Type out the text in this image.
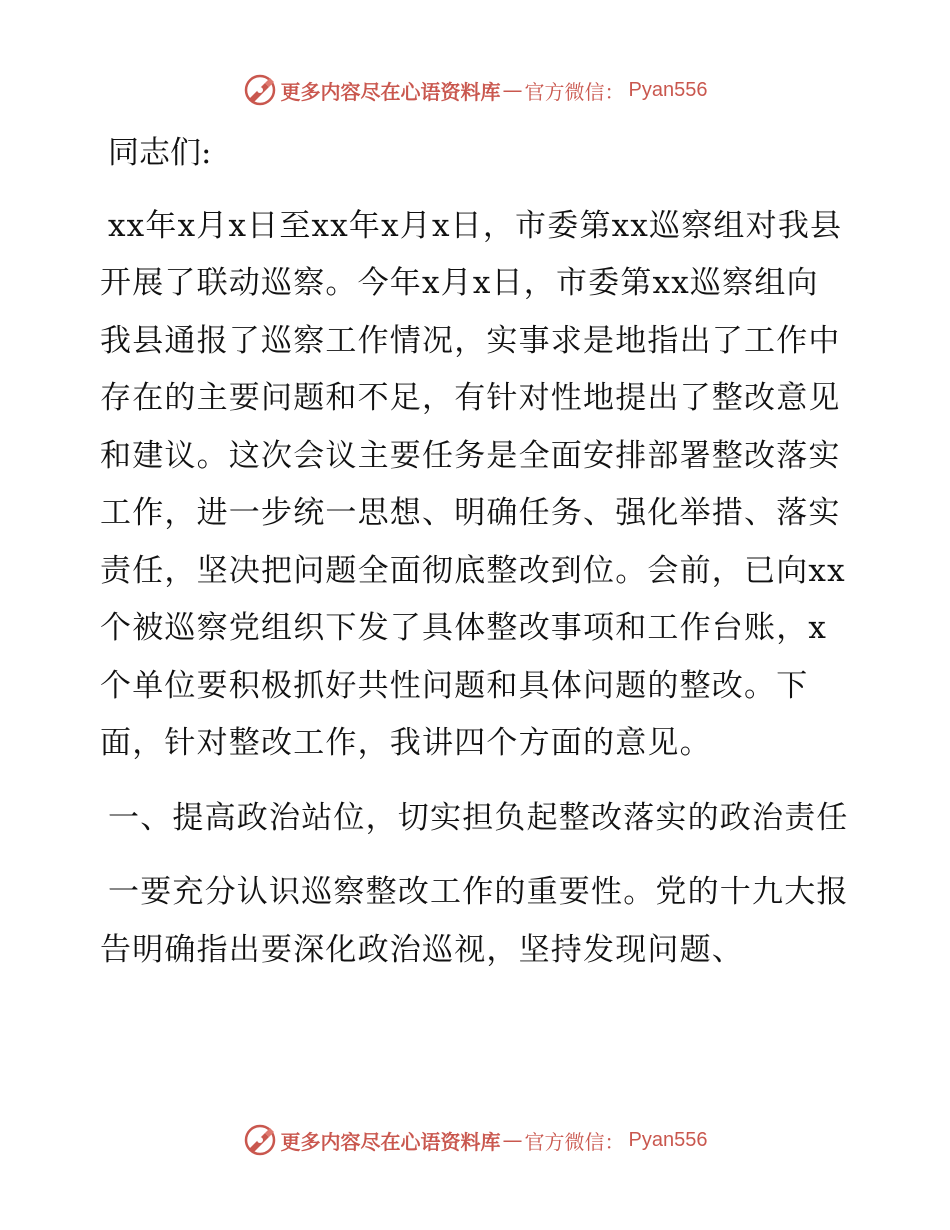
更多内容尽在心语资料库 — 官方微信： Pyan556

同志们:

xx年x月x日至xx年x月x日，市委第xx巡察组对我县开展了联动巡察。今年x月x日，市委第xx巡察组向我县通报了巡察工作情况，实事求是地指出了工作中存在的主要问题和不足，有针对性地提出了整改意见和建议。这次会议主要任务是全面安排部署整改落实工作，进一步统一思想、明确任务、强化举措、落实责任，坚决把问题全面彻底整改到位。会前，已向xx个被巡察党组织下发了具体整改事项和工作台账，x个单位要积极抓好共性问题和具体问题的整改。下面，针对整改工作，我讲四个方面的意见。

一、提高政治站位，切实担负起整改落实的政治责任

一要充分认识巡察整改工作的重要性。党的十九大报告明确指出要深化政治巡视，坚持发现问题、

更多内容尽在心语资料库 — 官方微信： Pyan556
